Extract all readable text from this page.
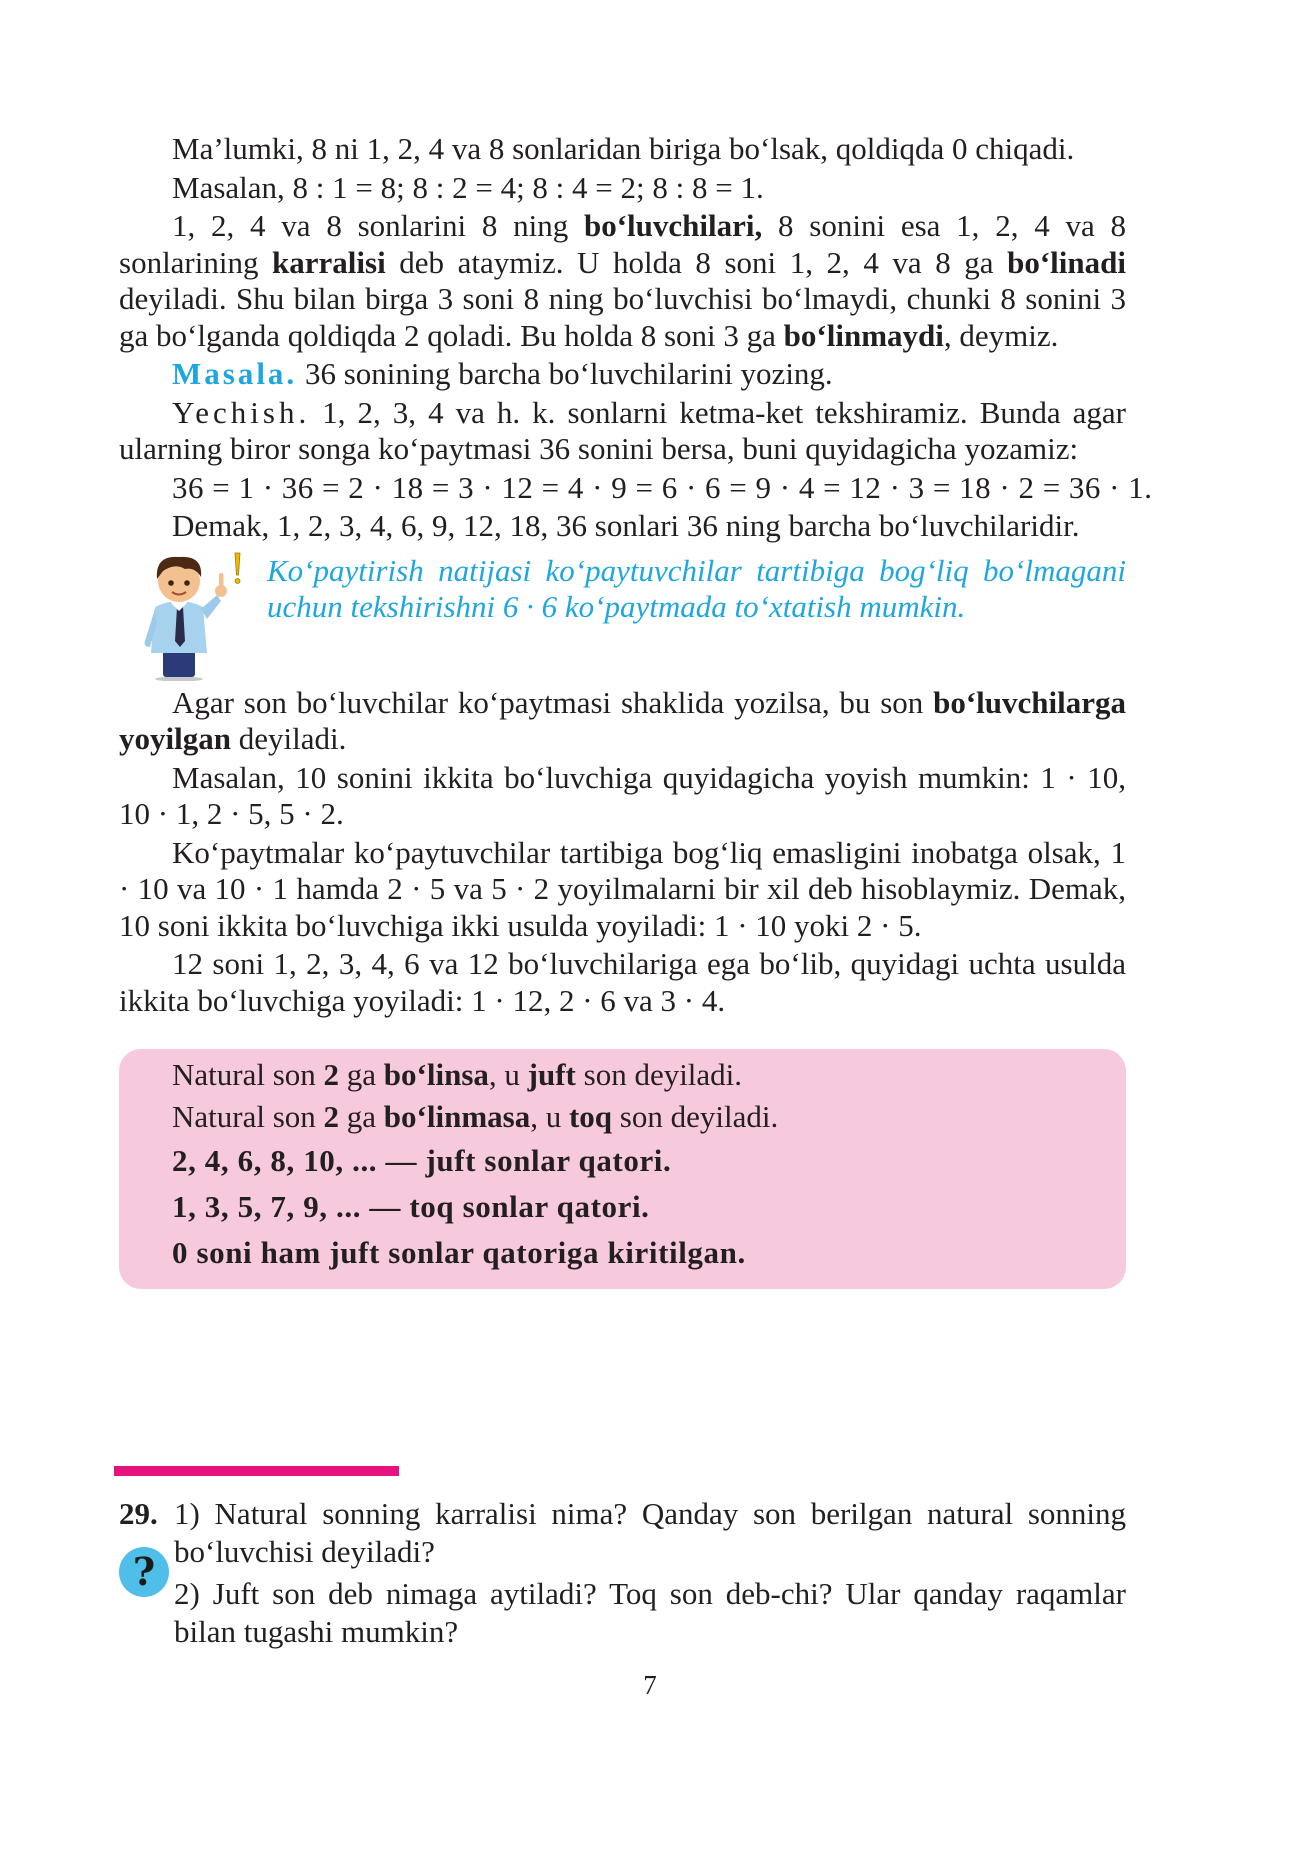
Ma’lumki, 8 ni 1, 2, 4 va 8 sonlaridan biriga bo‘lsak, qoldiqda 0 chiqadi.

Masalan, 8 : 1 = 8; 8 : 2 = 4; 8 : 4 = 2; 8 : 8 = 1.

1, 2, 4 va 8 sonlarini 8 ning bo‘luvchilari, 8 sonini esa 1, 2, 4 va 8 sonlarining karralisi deb ataymiz. U holda 8 soni 1, 2, 4 va 8 ga bo‘linadi deyiladi. Shu bilan birga 3 soni 8 ning bo‘luvchisi bo‘lmaydi, chunki 8 sonini 3 ga bo‘lganda qoldiqda 2 qoladi. Bu holda 8 soni 3 ga bo‘linmaydi, deymiz.

Masala. 36 sonining barcha bo‘luvchilarini yozing.

Yechish. 1, 2, 3, 4 va h. k. sonlarni ketma-ket tekshiramiz. Bunda agar ularning biror songa ko‘paytmasi 36 sonini bersa, buni quyidagicha yozamiz:

36 = 1 · 36 = 2 · 18 = 3 · 12 = 4 · 9 = 6 · 6 = 9 · 4 = 12 · 3 = 18 · 2 = 36 · 1.

Demak, 1, 2, 3, 4, 6, 9, 12, 18, 36 sonlari 36 ning barcha bo‘luvchilaridir.

Ko‘paytirish natijasi ko‘paytuvchilar tartibiga bog‘liq bo‘lmagani uchun tekshirishni 6 · 6 ko‘paytmada to‘xtatish mumkin.

Agar son bo‘luvchilar ko‘paytmasi shaklida yozilsa, bu son bo‘luvchilarga yoyilgan deyiladi.

Masalan, 10 sonini ikkita bo‘luvchiga quyidagicha yoyish mumkin: 1 · 10, 10 · 1, 2 · 5, 5 · 2.

Ko‘paytmalar ko‘paytuvchilar tartibiga bog‘liq emasligini inobatga olsak, 1 · 10 va 10 · 1 hamda 2 · 5 va 5 · 2 yoyilmalarni bir xil deb hisoblaymiz. Demak, 10 soni ikkita bo‘luvchiga ikki usulda yoyiladi: 1 · 10 yoki 2 · 5.

12 soni 1, 2, 3, 4, 6 va 12 bo‘luvchilariga ega bo‘lib, quyidagi uchta usulda ikkita bo‘luvchiga yoyiladi: 1 · 12, 2 · 6 va 3 · 4.

Natural son 2 ga bo‘linsa, u juft son deyiladi.

Natural son 2 ga bo‘linmasa, u toq son deyiladi.

2, 4, 6, 8, 10, ... — juft sonlar qatori.

1, 3, 5, 7, 9, ... — toq sonlar qatori.

0 soni ham juft sonlar qatoriga kiritilgan.

29.
?

1) Natural sonning karralisi nima? Qanday son berilgan natural sonning bo‘luvchisi deyiladi?

2) Juft son deb nimaga aytiladi? Toq son deb-chi? Ular qanday raqamlar bilan tugashi mumkin?

7
